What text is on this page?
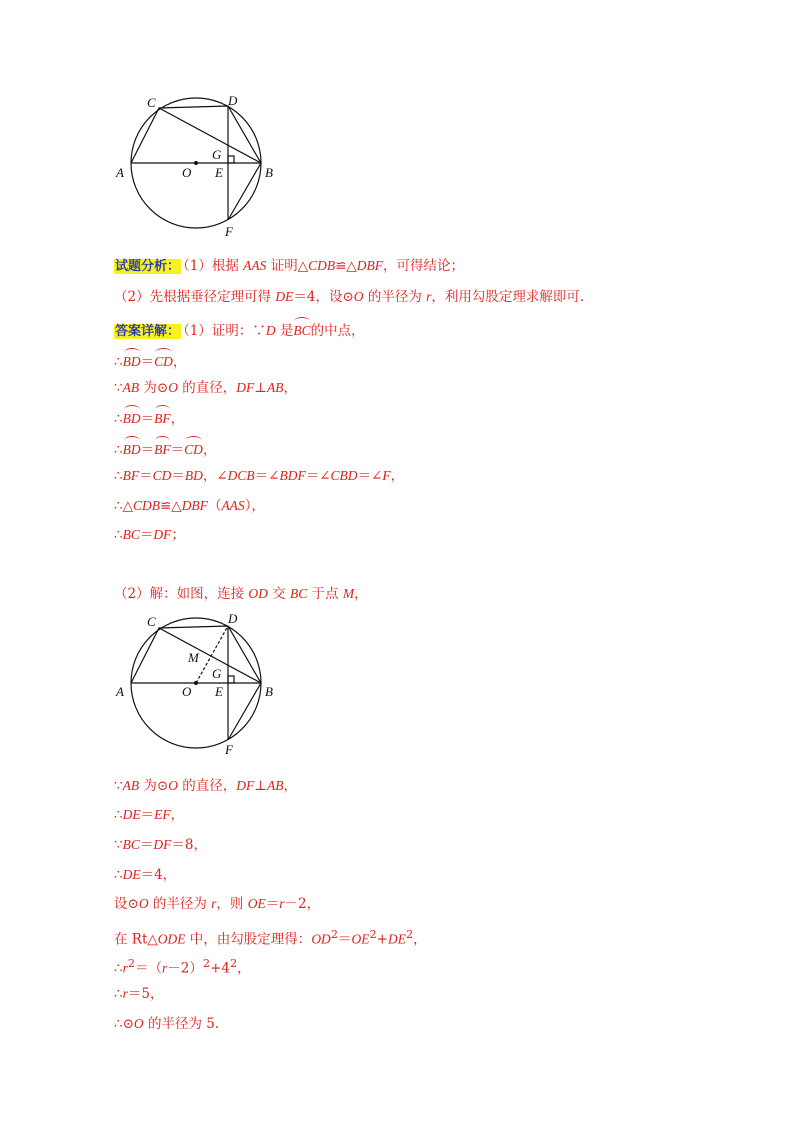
C	D
G
A	O E	B
F
试题分析： （1）根据 AAS 证明△CDB≌△DBF，可得结论；
（2）先根据垂径定理可得 DE＝4，设⊙O 的半径为 r，利用勾股定理求解即可.
答案详解： （1）证明：∵D 是BC的中点，
∴BD＝CD，
∵AB 为⊙O 的直径，DF⊥AB，
∴BD＝BF，
∴BD＝BF＝CD，
∴BF＝CD＝BD，∠DCB＝∠BDF＝∠CBD＝∠F，
∴△CDB≌△DBF（AAS），
∴BC＝DF；
（2）解：如图，连接 OD 交 BC 于点 M，
C	D
M
G
A	O E	B
F
∵AB 为⊙O 的直径，DF⊥AB，
∴DE＝EF，
∵BC＝DF＝8，
∴DE＝4，
设⊙O 的半径为 r，则 OE＝r－2，
在 Rt△ODE 中，由勾股定理得：$OD^2=OE^2+DE^2$，
$\therefore r^2=(r-2)^2+4^2$，
∴r＝5，
∴⊙O 的半径为 5.
